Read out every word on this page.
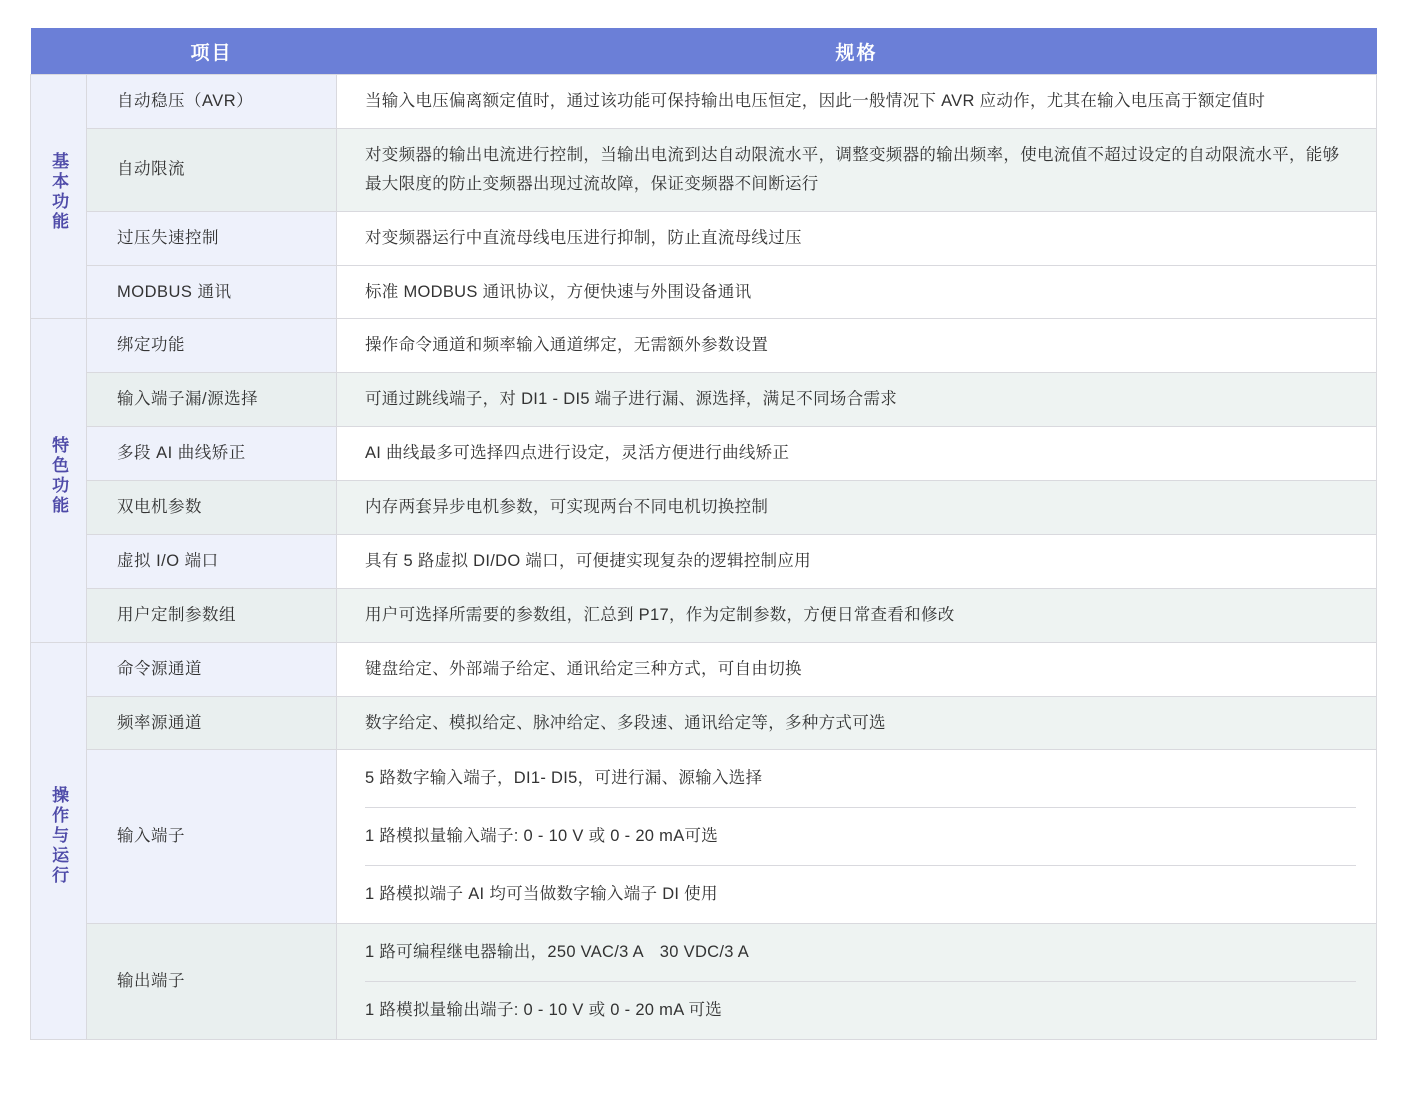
	项目	规格
基本功能	自动稳压（AVR）	当输入电压偏离额定值时，通过该功能可保持输出电压恒定，因此一般情况下 AVR 应动作，尤其在输入电压高于额定值时
	自动限流	对变频器的输出电流进行控制，当输出电流到达自动限流水平，调整变频器的输出频率，使电流值不超过设定的自动限流水平，能够最大限度的防止变频器出现过流故障，保证变频器不间断运行
	过压失速控制	对变频器运行中直流母线电压进行抑制，防止直流母线过压
	MODBUS 通讯	标准 MODBUS 通讯协议，方便快速与外围设备通讯
特色功能	绑定功能	操作命令通道和频率输入通道绑定，无需额外参数设置
	输入端子漏/源选择	可通过跳线端子，对 DI1 - DI5 端子进行漏、源选择，满足不同场合需求
	多段 AI 曲线矫正	AI 曲线最多可选择四点进行设定，灵活方便进行曲线矫正
	双电机参数	内存两套异步电机参数，可实现两台不同电机切换控制
	虚拟 I/O 端口	具有 5 路虚拟 DI/DO 端口，可便捷实现复杂的逻辑控制应用
	用户定制参数组	用户可选择所需要的参数组，汇总到 P17，作为定制参数，方便日常查看和修改
操作与运行	命令源通道	键盘给定、外部端子给定、通讯给定三种方式，可自由切换
	频率源通道	数字给定、模拟给定、脉冲给定、多段速、通讯给定等，多种方式可选
	输入端子	5 路数字输入端子，DI1- DI5，可进行漏、源输入选择
1 路模拟量输入端子: 0 - 10 V 或 0 - 20 mA可选
1 路模拟端子 AI 均可当做数字输入端子 DI 使用

	输出端子	1 路可编程继电器输出，250 VAC/3 A　30 VDC/3 A
1 路模拟量输出端子: 0 - 10 V 或 0 - 20 mA 可选
